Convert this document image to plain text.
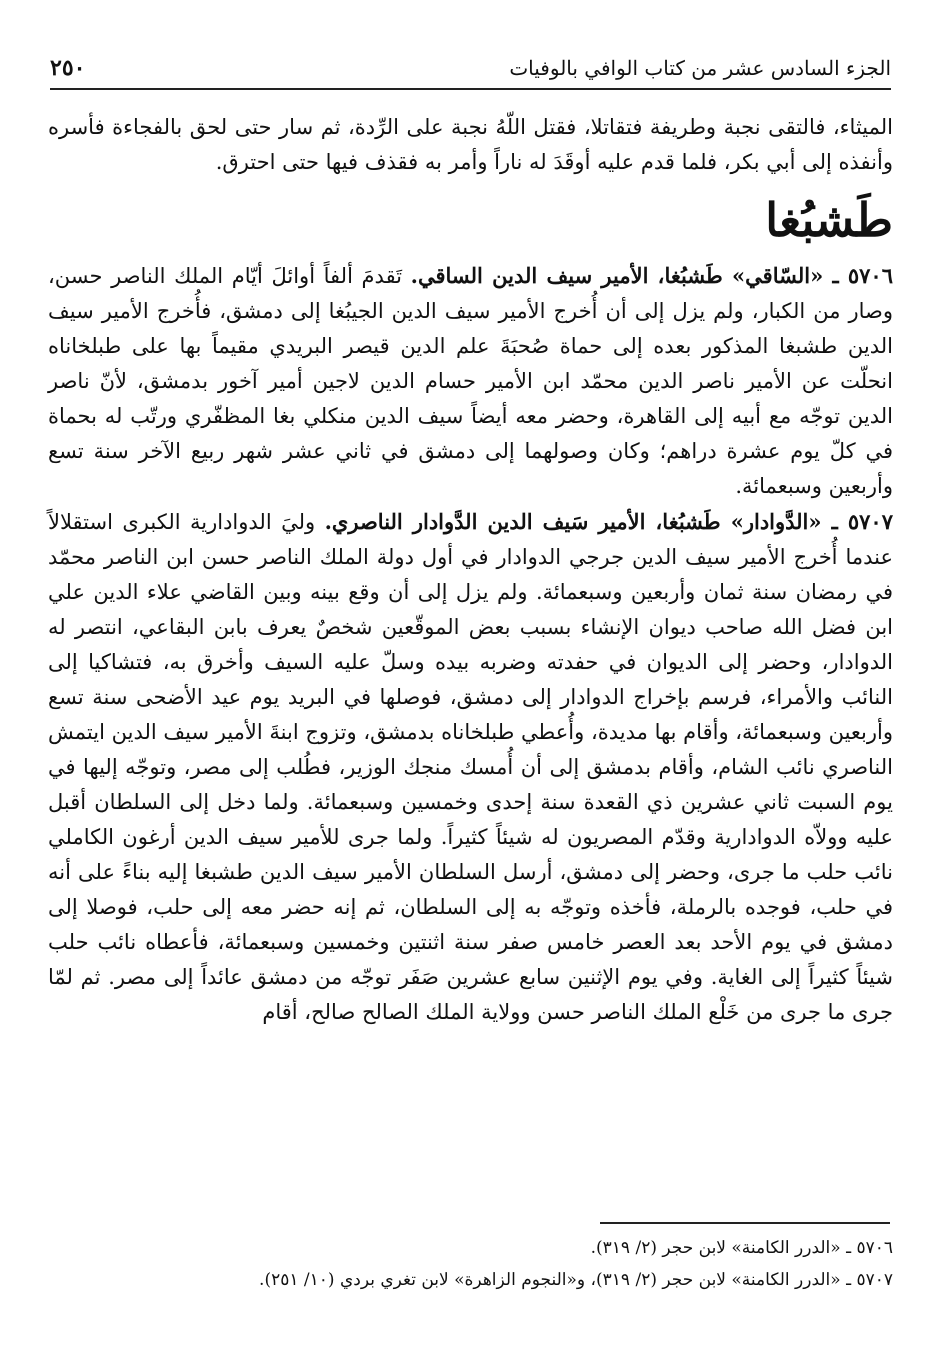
الجزء السادس عشر من كتاب الوافي بالوفيات
٢٥٠

الميثاء، فالتقى نجبة وطريفة فتقاتلا، فقتل اللّهُ نجبة على الرِّدة، ثم سار حتى لحق بالفجاءة فأسره وأنفذه إلى أبي بكر، فلما قدم عليه أوقَدَ له ناراً وأمر به فقذف فيها حتى احترق.

طَشبُغا

٥٧٠٦ ـ «السّاقي» طَشبُغا، الأمير سيف الدين الساقي. تَقدمَ ألفاً أوائلَ أيّام الملك الناصر حسن، وصار من الكبار، ولم يزل إلى أن أُخرج الأمير سيف الدين الجيبُغا إلى دمشق، فأُخرج الأمير سيف الدين طشبغا المذكور بعده إلى حماة صُحبَةَ علم الدين قيصر البريدي مقيماً بها على طبلخاناه انحلّت عن الأمير ناصر الدين محمّد ابن الأمير حسام الدين لاجين أمير آخور بدمشق، لأنّ ناصر الدين توجّه مع أبيه إلى القاهرة، وحضر معه أيضاً سيف الدين منكلي بغا المظفّري ورتّب له بحماة في كلّ يوم عشرة دراهم؛ وكان وصولهما إلى دمشق في ثاني عشر شهر ربيع الآخر سنة تسع وأربعين وسبعمائة.

٥٧٠٧ ـ «الدَّوادار» طَشبُغا، الأمير سَيف الدين الدَّوادار الناصري. وليَ الدوادارية الكبرى استقلالاً عندما أُخرج الأمير سيف الدين جرجي الدوادار في أول دولة الملك الناصر حسن ابن الناصر محمّد في رمضان سنة ثمان وأربعين وسبعمائة. ولم يزل إلى أن وقع بينه وبين القاضي علاء الدين علي ابن فضل الله صاحب ديوان الإنشاء بسبب بعض الموقّعين شخصٌ يعرف بابن البقاعي، انتصر له الدوادار، وحضر إلى الديوان في حفدته وضربه بيده وسلّ عليه السيف وأخرق به، فتشاكيا إلى النائب والأمراء، فرسم بإخراج الدوادار إلى دمشق، فوصلها في البريد يوم عيد الأضحى سنة تسع وأربعين وسبعمائة، وأقام بها مديدة، وأُعطي طبلخاناه بدمشق، وتزوج ابنةَ الأمير سيف الدين ايتمش الناصري نائب الشام، وأقام بدمشق إلى أن أُمسك منجك الوزير، فطُلب إلى مصر، وتوجّه إليها في يوم السبت ثاني عشرين ذي القعدة سنة إحدى وخمسين وسبعمائة. ولما دخل إلى السلطان أقبل عليه وولاّه الدوادارية وقدّم المصريون له شيئاً كثيراً. ولما جرى للأمير سيف الدين أرغون الكاملي نائب حلب ما جرى، وحضر إلى دمشق، أرسل السلطان الأمير سيف الدين طشبغا إليه بناءً على أنه في حلب، فوجده بالرملة، فأخذه وتوجّه به إلى السلطان، ثم إنه حضر معه إلى حلب، فوصلا إلى دمشق في يوم الأحد بعد العصر خامس صفر سنة اثنتين وخمسين وسبعمائة، فأعطاه نائب حلب شيئاً كثيراً إلى الغاية. وفي يوم الإثنين سابع عشرين صَفَر توجّه من دمشق عائداً إلى مصر. ثم لمّا جرى ما جرى من خَلْع الملك الناصر حسن وولاية الملك الصالح صالح، أقام

٥٧٠٦ ـ «الدرر الكامنة» لابن حجر (٢/ ٣١٩).

٥٧٠٧ ـ «الدرر الكامنة» لابن حجر (٢/ ٣١٩)، و«النجوم الزاهرة» لابن تغري بردي (١٠/ ٢٥١).
